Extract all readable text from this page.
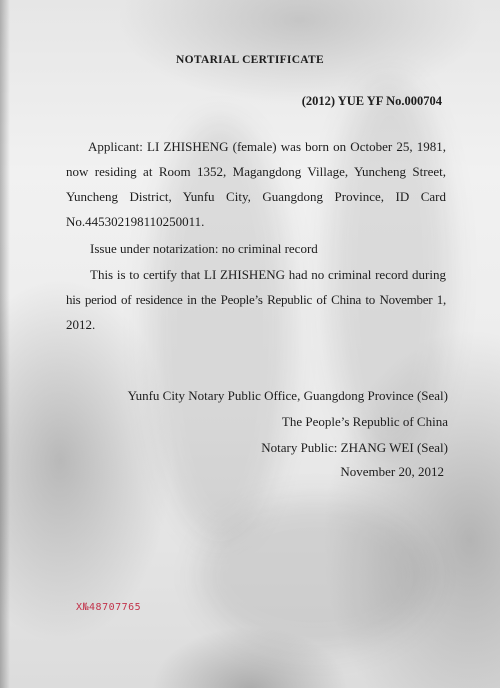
NOTARIAL CERTIFICATE
(2012) YUE YF No.000704

Applicant: LI ZHISHENG (female) was born on October 25, 1981,
now residing at Room 1352, Magangdong Village, Yuncheng Street,
Yuncheng District, Yunfu City, Guangdong Province, ID Card
No.445302198110250011.

Issue under notarization: no criminal record

This is to certify that LI ZHISHENG had no criminal record during
his period of residence in the People’s Republic of China to November 1,
2012.

Yunfu City Notary Public Office, Guangdong Province (Seal)
The People’s Republic of China
Notary Public: ZHANG WEI (Seal)
November 20, 2012
X№48707765
